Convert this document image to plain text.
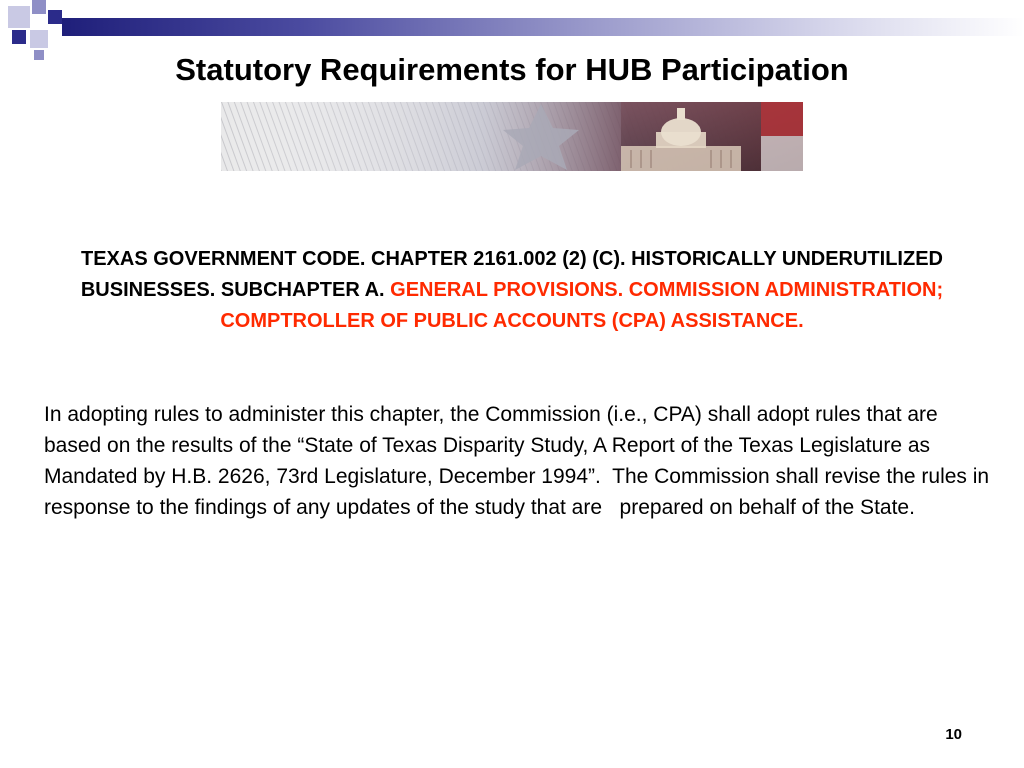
Statutory Requirements for HUB Participation
TEXAS GOVERNMENT CODE. CHAPTER 2161.002 (2) (C). HISTORICALLY UNDERUTILIZED BUSINESSES. SUBCHAPTER A. GENERAL PROVISIONS. COMMISSION ADMINISTRATION; COMPTROLLER OF PUBLIC ACCOUNTS (CPA) ASSISTANCE.
In adopting rules to administer this chapter, the Commission (i.e., CPA) shall adopt rules that are based on the results of the “State of Texas Disparity Study, A Report of the Texas Legislature as Mandated by H.B. 2626, 73rd Legislature, December 1994”.  The Commission shall revise the rules in response to the findings of any updates of the study that are   prepared on behalf of the State.
10
